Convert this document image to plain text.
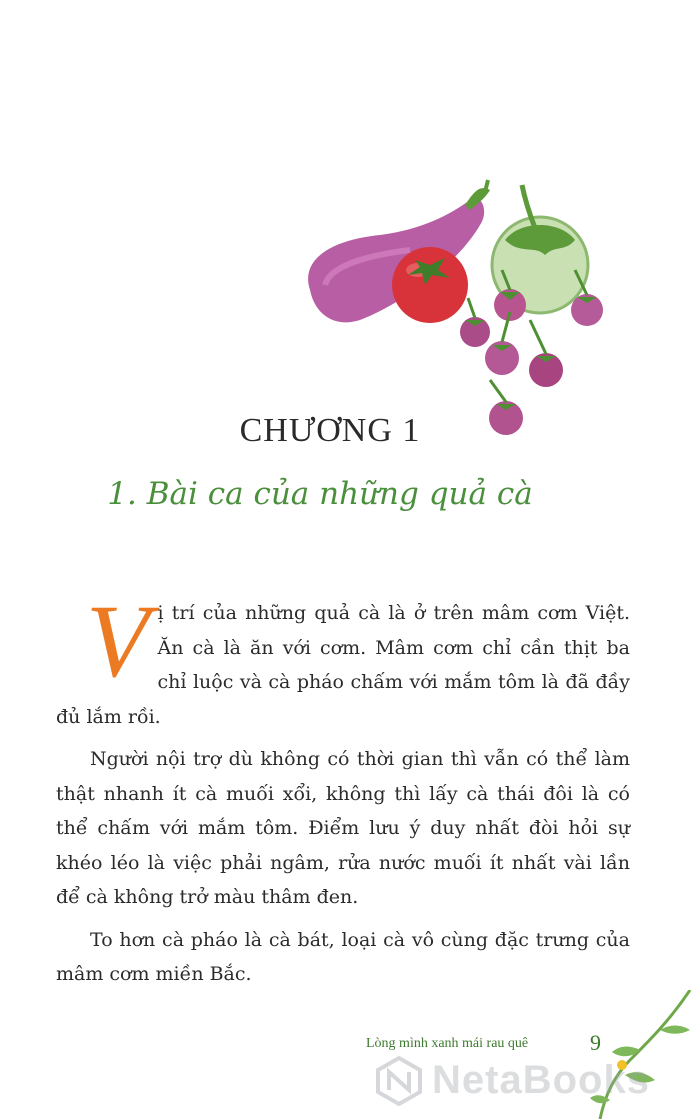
CHƯƠNG 1
1. Bài ca của những quả cà

V ị trí của những quả cà là ở trên mâm cơm Việt. Ăn cà là ăn với cơm. Mâm cơm chỉ cần thịt ba chỉ luộc và cà pháo chấm với mắm tôm là đã đầy đủ lắm rồi.

Người nội trợ dù không có thời gian thì vẫn có thể làm thật nhanh ít cà muối xổi, không thì lấy cà thái đôi là có thể chấm với mắm tôm. Điểm lưu ý duy nhất đòi hỏi sự khéo léo là việc phải ngâm, rửa nước muối ít nhất vài lần để cà không trở màu thâm đen.

To hơn cà pháo là cà bát, loại cà vô cùng đặc trưng của mâm cơm miền Bắc.

Lòng mình xanh mái rau quê	9
NetaBooks
